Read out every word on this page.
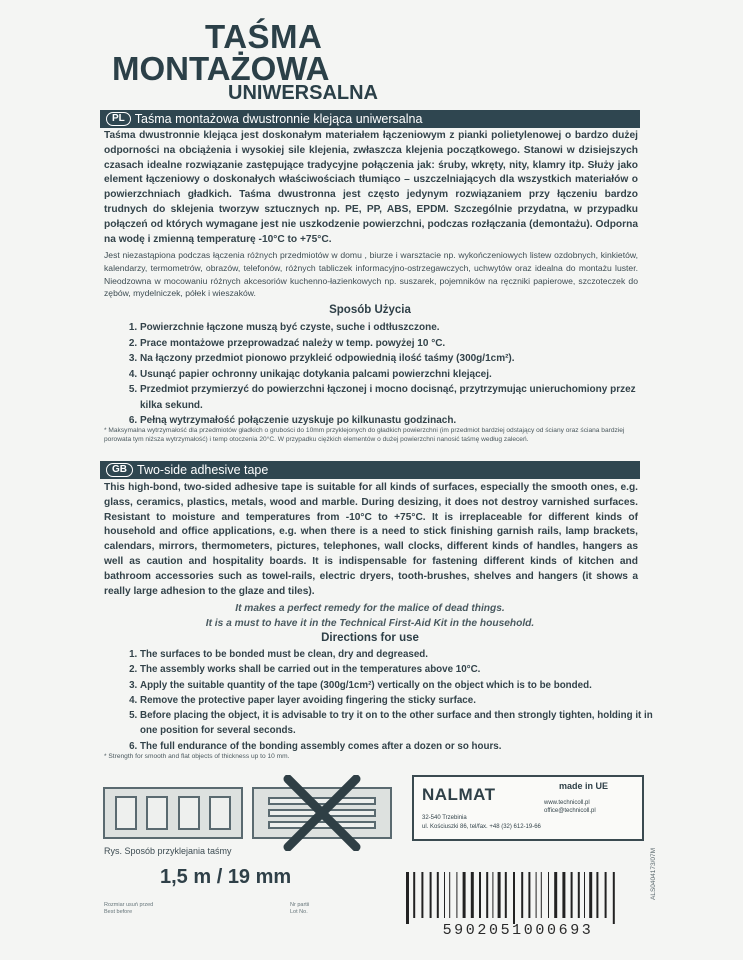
TAŚMA
MONTAŻOWA
UNIWERSALNA
PL Taśma montażowa dwustronnie klejąca uniwersalna

Taśma dwustronnie klejąca jest doskonałym materiałem łączeniowym z pianki polietylenowej o bardzo dużej odporności na obciążenia i wysokiej sile klejenia, zwłaszcza klejenia początkowego. Stanowi w dzisiejszych czasach idealne rozwiązanie zastępujące tradycyjne połączenia jak: śruby, wkręty, nity, klamry itp. Służy jako element łączeniowy o doskonałych właściwościach tłumiąco – uszczelniających dla wszystkich materiałów o powierzchniach gładkich. Taśma dwustronna jest często jedynym rozwiązaniem przy łączeniu bardzo trudnych do sklejenia tworzyw sztucznych np. PE, PP, ABS, EPDM. Szczególnie przydatna, w przypadku połączeń od których wymagane jest nie uszkodzenie powierzchni, podczas rozłączania (demontażu). Odporna na wodę i zmienną temperaturę -10°C to +75°C.

Jest niezastąpiona podczas łączenia różnych przedmiotów w domu , biurze i warsztacie np. wykończeniowych listew ozdobnych, kinkietów, kalendarzy, termometrów, obrazów, telefonów, różnych tabliczek informacyjno-ostrzegawczych, uchwytów oraz idealna do montażu luster. Nieodzowna w mocowaniu różnych akcesoriów kuchenno-łazienkowych np. suszarek, pojemników na ręczniki papierowe, szczoteczek do zębów, mydelniczek, półek i wieszaków.

Sposób Użycia
1. Powierzchnie łączone muszą być czyste, suche i odtłuszczone.
2. Prace montażowe przeprowadzać należy w temp. powyżej 10 °C.
3. Na łączony przedmiot pionowo przykleić odpowiednią ilość taśmy (300g/1cm²).
4. Usunąć papier ochronny unikając dotykania palcami powierzchni klejącej.
5. Przedmiot przymierzyć do powierzchni łączonej i mocno docisnąć, przytrzymując unieruchomiony przez kilka sekund.
6. Pełną wytrzymałość połączenie uzyskuje po kilkunastu godzinach.

* Maksymalna wytrzymałość dla przedmiotów gładkich o grubości do 10mm przyklejonych do gładkich powierzchni (im przedmiot bardziej odstający od ściany oraz ściana bardziej porowata tym niższa wytrzymałość) i temp otoczenia 20°C. W przypadku ciężkich elementów o dużej powierzchni nanosić taśmę według zaleceń.

GB Two-side adhesive tape

This high-bond, two-sided adhesive tape is suitable for all kinds of surfaces, especially the smooth ones, e.g. glass, ceramics, plastics, metals, wood and marble. During desizing, it does not destroy varnished surfaces. Resistant to moisture and temperatures from -10°C to +75°C. It is irreplaceable for different kinds of household and office applications, e.g. when there is a need to stick finishing garnish rails, lamp brackets, calendars, mirrors, thermometers, pictures, telephones, wall clocks, different kinds of handles, hangers as well as caution and hospitality boards. It is indispensable for fastening different kinds of kitchen and bathroom accessories such as towel-rails, electric dryers, tooth-brushes, shelves and hangers (it shows a really large adhesion to the glaze and tiles).

It makes a perfect remedy for the malice of dead things.
It is a must to have it in the Technical First-Aid Kit in the household.
Directions for use
1. The surfaces to be bonded must be clean, dry and degreased.
2. The assembly works shall be carried out in the temperatures above 10°C.
3. Apply the suitable quantity of the tape (300g/1cm²) vertically on the object which is to be bonded.
4. Remove the protective paper layer avoiding fingering the sticky surface.
5. Before placing the object, it is advisable to try it on to the other surface and then strongly tighten, holding it in one position for several seconds.
6. The full endurance of the bonding assembly comes after a dozen or so hours.

* Strength for smooth and flat objects of thickness up to 10 mm.

Rys. Sposób przyklejania taśmy
1,5 m / 19 mm
Rozmiar usuń przed
Best before
Nr partii
Lot No.
NALMAT	made in UE
www.technicoll.pl
office@technicoll.pl
32-540 Trzebinia
ul. Kościuszki 86, tel/fax. +48 (32) 612-19-66
ALS0404173/07M
5902051000693
